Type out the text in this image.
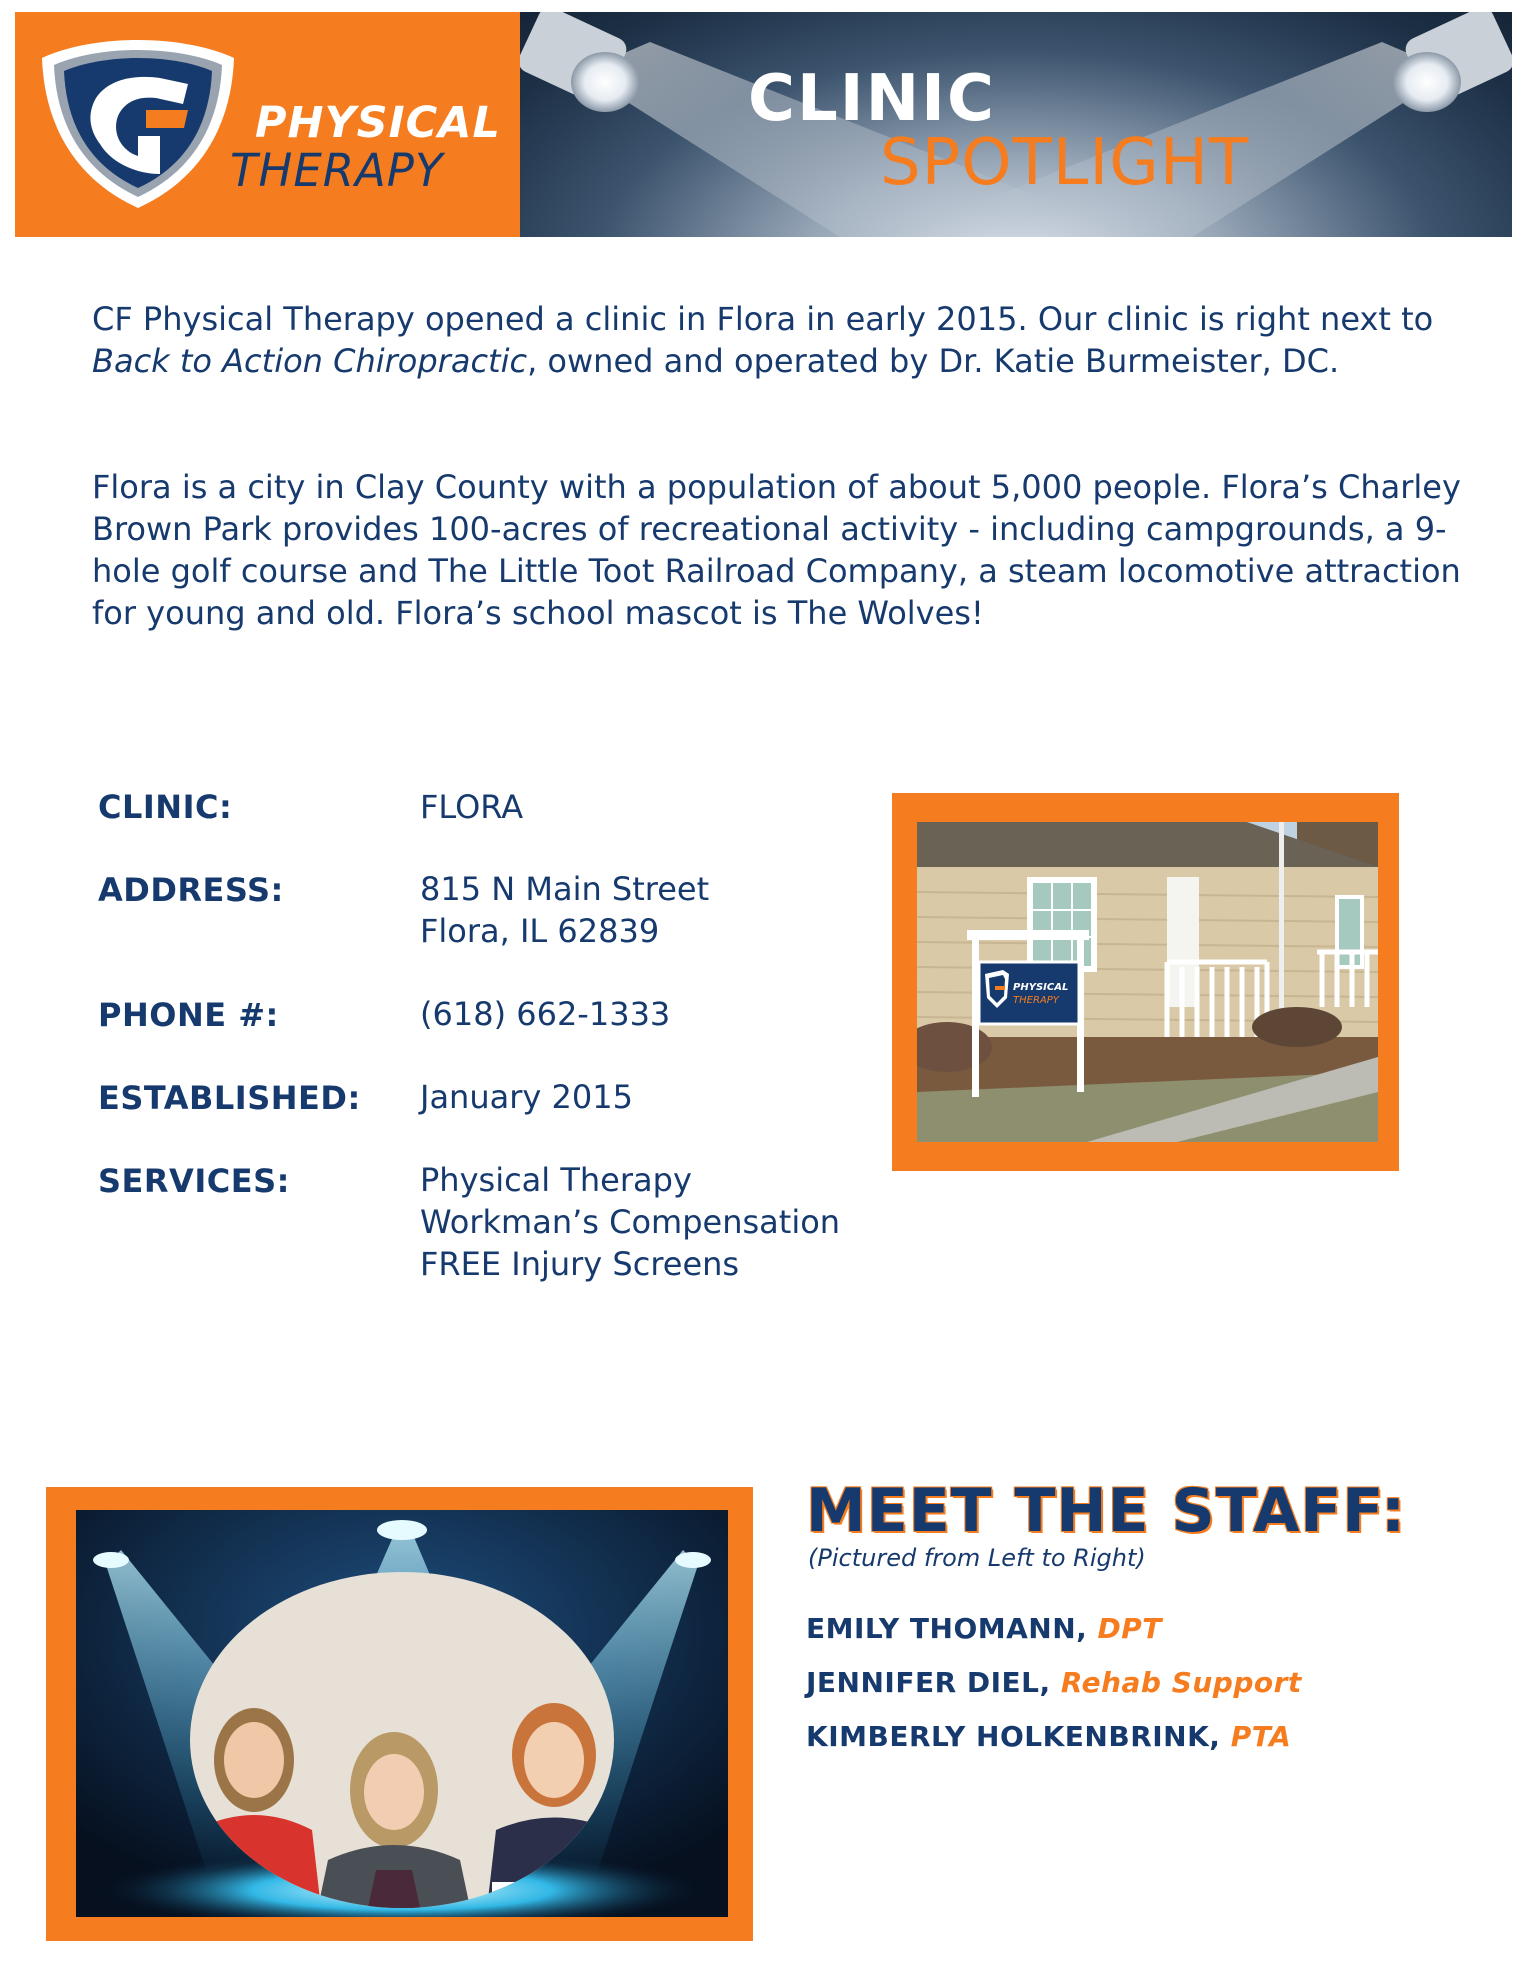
PHYSICAL
THERAPY
CLINIC
SPOTLIGHT
CF Physical Therapy opened a clinic in Flora in early 2015. Our clinic is right next to Back to Action Chiropractic, owned and operated by Dr. Katie Burmeister, DC.
Flora is a city in Clay County with a population of about 5,000 people. Flora’s Charley Brown Park provides 100-acres of recreational activity - including campgrounds, a 9-hole golf course and The Little Toot Railroad Company, a steam locomotive attraction for young and old. Flora’s school mascot is The Wolves!
CLINIC:	FLORA
ADDRESS:	815 N Main Street
Flora, IL 62839
PHONE #:	(618) 662-1333
ESTABLISHED: January 2015
SERVICES:	Physical Therapy
Workman’s Compensation
FREE Injury Screens
PHYSICAL
THERAPY
MEET THE STAFF:
(Pictured from Left to Right)
EMILY THOMANN, DPT
JENNIFER DIEL, Rehab Support
KIMBERLY HOLKENBRINK, PTA
